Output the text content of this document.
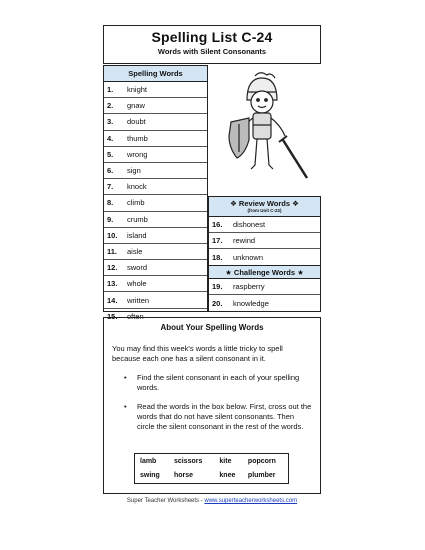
Spelling List C-24
Words with Silent Consonants
Spelling Words
1.	knight
2.	gnaw
3.	doubt
4.	thumb
5.	wrong
6.	sign
7.	knock
8.	climb
9.	crumb
10.	island
11.	aisle
12.	sword
13.	whole
14.	written
15.	often
❖ Review Words ❖
(from Unit C-22)
16.	dishonest
17.	rewind
18.	unknown
★ Challenge Words ★
19.	raspberry
20.	knowledge
About Your Spelling Words
You may find this week's words a little tricky to spell because each one has a silent consonant in it.
•	Find the silent consonant in each of your spelling words.
•	Read the words in the box below. First, cross out the words that do not have silent consonants. Then circle the silent consonant in the rest of the words.
lamb	scissors	kite	popcorn
swing	horse	knee	plumber
Super Teacher Worksheets - www.superteacherworksheets.com
